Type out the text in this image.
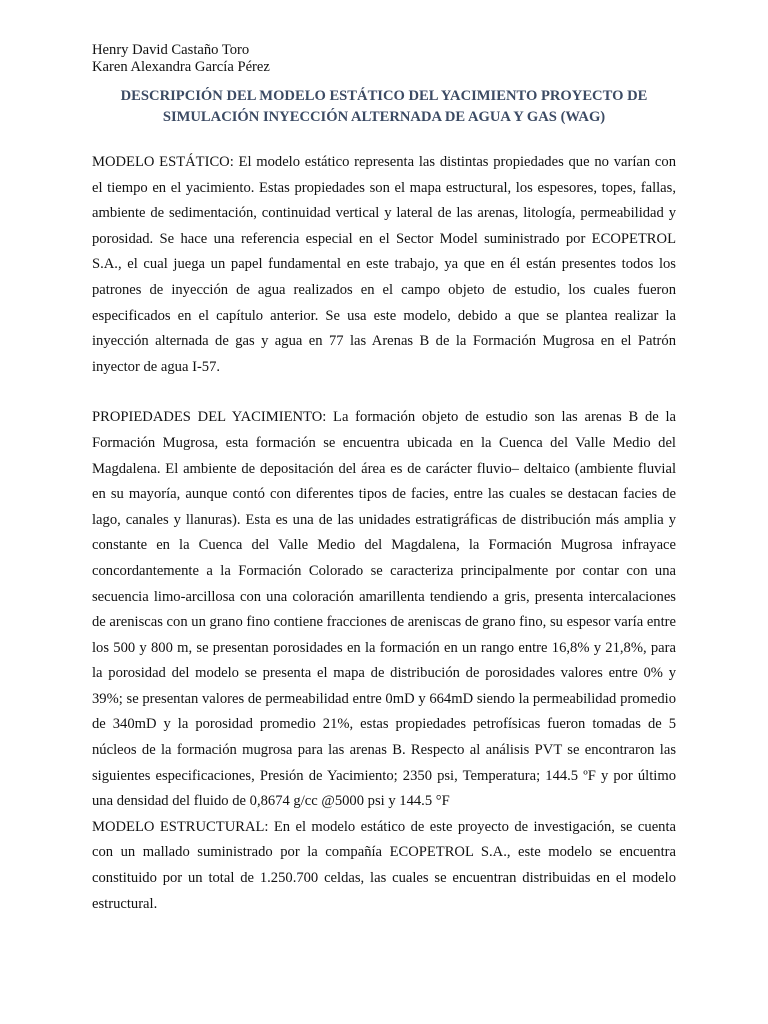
Henry David Castaño Toro

Karen Alexandra García Pérez

DESCRIPCIÓN DEL MODELO ESTÁTICO DEL YACIMIENTO PROYECTO DE SIMULACIÓN INYECCIÓN ALTERNADA DE AGUA Y GAS (WAG)

MODELO ESTÁTICO: El modelo estático representa las distintas propiedades que no varían con el tiempo en el yacimiento. Estas propiedades son el mapa estructural, los espesores, topes, fallas, ambiente de sedimentación, continuidad vertical y lateral de las arenas, litología, permeabilidad y porosidad. Se hace una referencia especial en el Sector Model suministrado por ECOPETROL S.A., el cual juega un papel fundamental en este trabajo, ya que en él están presentes todos los patrones de inyección de agua realizados en el campo objeto de estudio, los cuales fueron especificados en el capítulo anterior. Se usa este modelo, debido a que se plantea realizar la inyección alternada de gas y agua en 77 las Arenas B de la Formación Mugrosa en el Patrón inyector de agua I-57.

PROPIEDADES DEL YACIMIENTO: La formación objeto de estudio son las arenas B de la Formación Mugrosa, esta formación se encuentra ubicada en la Cuenca del Valle Medio del Magdalena. El ambiente de depositación del área es de carácter fluvio– deltaico (ambiente fluvial en su mayoría, aunque contó con diferentes tipos de facies, entre las cuales se destacan facies de lago, canales y llanuras). Esta es una de las unidades estratigráficas de distribución más amplia y constante en la Cuenca del Valle Medio del Magdalena, la Formación Mugrosa infrayace concordantemente a la Formación Colorado se caracteriza principalmente por contar con una secuencia limo-arcillosa con una coloración amarillenta tendiendo a gris, presenta intercalaciones de areniscas con un grano fino contiene fracciones de areniscas de grano fino, su espesor varía entre los 500 y 800 m, se presentan porosidades en la formación en un rango entre 16,8% y 21,8%, para la porosidad del modelo se presenta el mapa de distribución de porosidades valores entre 0% y 39%; se presentan valores de permeabilidad entre 0mD y 664mD siendo la permeabilidad promedio de 340mD y la porosidad promedio 21%, estas propiedades petrofísicas fueron tomadas de 5 núcleos de la formación mugrosa para las arenas B. Respecto al análisis PVT se encontraron las siguientes especificaciones, Presión de Yacimiento; 2350 psi, Temperatura; 144.5 ºF y por último una densidad del fluido de 0,8674 g/cc @5000 psi y 144.5 °F

MODELO ESTRUCTURAL: En el modelo estático de este proyecto de investigación, se cuenta con un mallado suministrado por la compañía ECOPETROL S.A., este modelo se encuentra constituido por un total de 1.250.700 celdas, las cuales se encuentran distribuidas en el modelo estructural.
